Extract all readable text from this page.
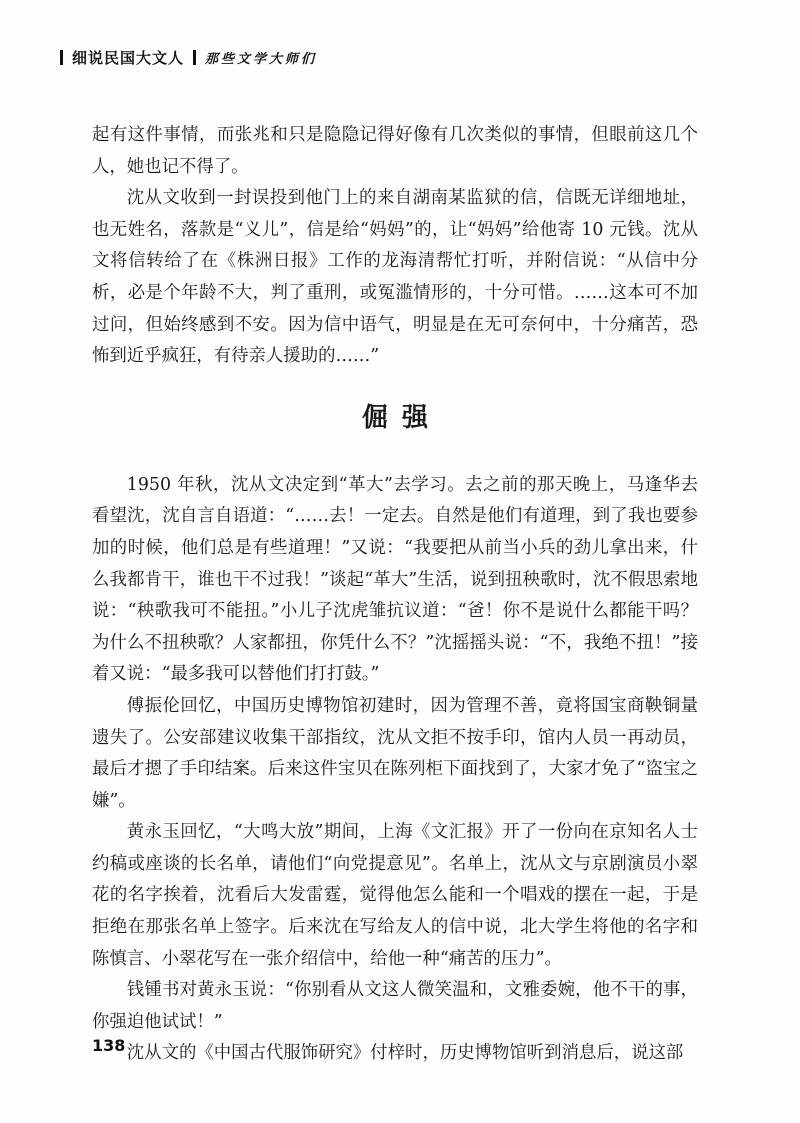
细说民国大文人 那些文学大师们

起有这件事情，而张兆和只是隐隐记得好像有几次类似的事情，但眼前这几个人，她也记不得了。

沈从文收到一封误投到他门上的来自湖南某监狱的信，信既无详细地址，也无姓名，落款是“义儿”，信是给“妈妈”的，让“妈妈”给他寄 10 元钱。沈从文将信转给了在《株洲日报》工作的龙海清帮忙打听，并附信说：“从信中分析，必是个年龄不大，判了重刑，或冤滥情形的，十分可惜。……这本可不加过问，但始终感到不安。因为信中语气，明显是在无可奈何中，十分痛苦，恐怖到近乎疯狂，有待亲人援助的……”

倔强

1950 年秋，沈从文决定到“革大”去学习。去之前的那天晚上，马逢华去看望沈，沈自言自语道：“……去！一定去。自然是他们有道理，到了我也要参加的时候，他们总是有些道理！”又说：“我要把从前当小兵的劲儿拿出来，什么我都肯干，谁也干不过我！”谈起“革大”生活，说到扭秧歌时，沈不假思索地说：“秧歌我可不能扭。”小儿子沈虎雏抗议道：“爸！你不是说什么都能干吗？为什么不扭秧歌？人家都扭，你凭什么不？”沈摇摇头说：“不，我绝不扭！”接着又说：“最多我可以替他们打打鼓。”

傅振伦回忆，中国历史博物馆初建时，因为管理不善，竟将国宝商鞅铜量遗失了。公安部建议收集干部指纹，沈从文拒不按手印，馆内人员一再动员，最后才摁了手印结案。后来这件宝贝在陈列柜下面找到了，大家才免了“盗宝之嫌”。

黄永玉回忆，“大鸣大放”期间，上海《文汇报》开了一份向在京知名人士约稿或座谈的长名单，请他们“向党提意见”。名单上，沈从文与京剧演员小翠花的名字挨着，沈看后大发雷霆，觉得他怎么能和一个唱戏的摆在一起，于是拒绝在那张名单上签字。后来沈在写给友人的信中说，北大学生将他的名字和陈慎言、小翠花写在一张介绍信中，给他一种“痛苦的压力”。

钱锺书对黄永玉说：“你别看从文这人微笑温和，文雅委婉，他不干的事，你强迫他试试！”

沈从文的《中国古代服饰研究》付梓时，历史博物馆听到消息后，说这部

138
